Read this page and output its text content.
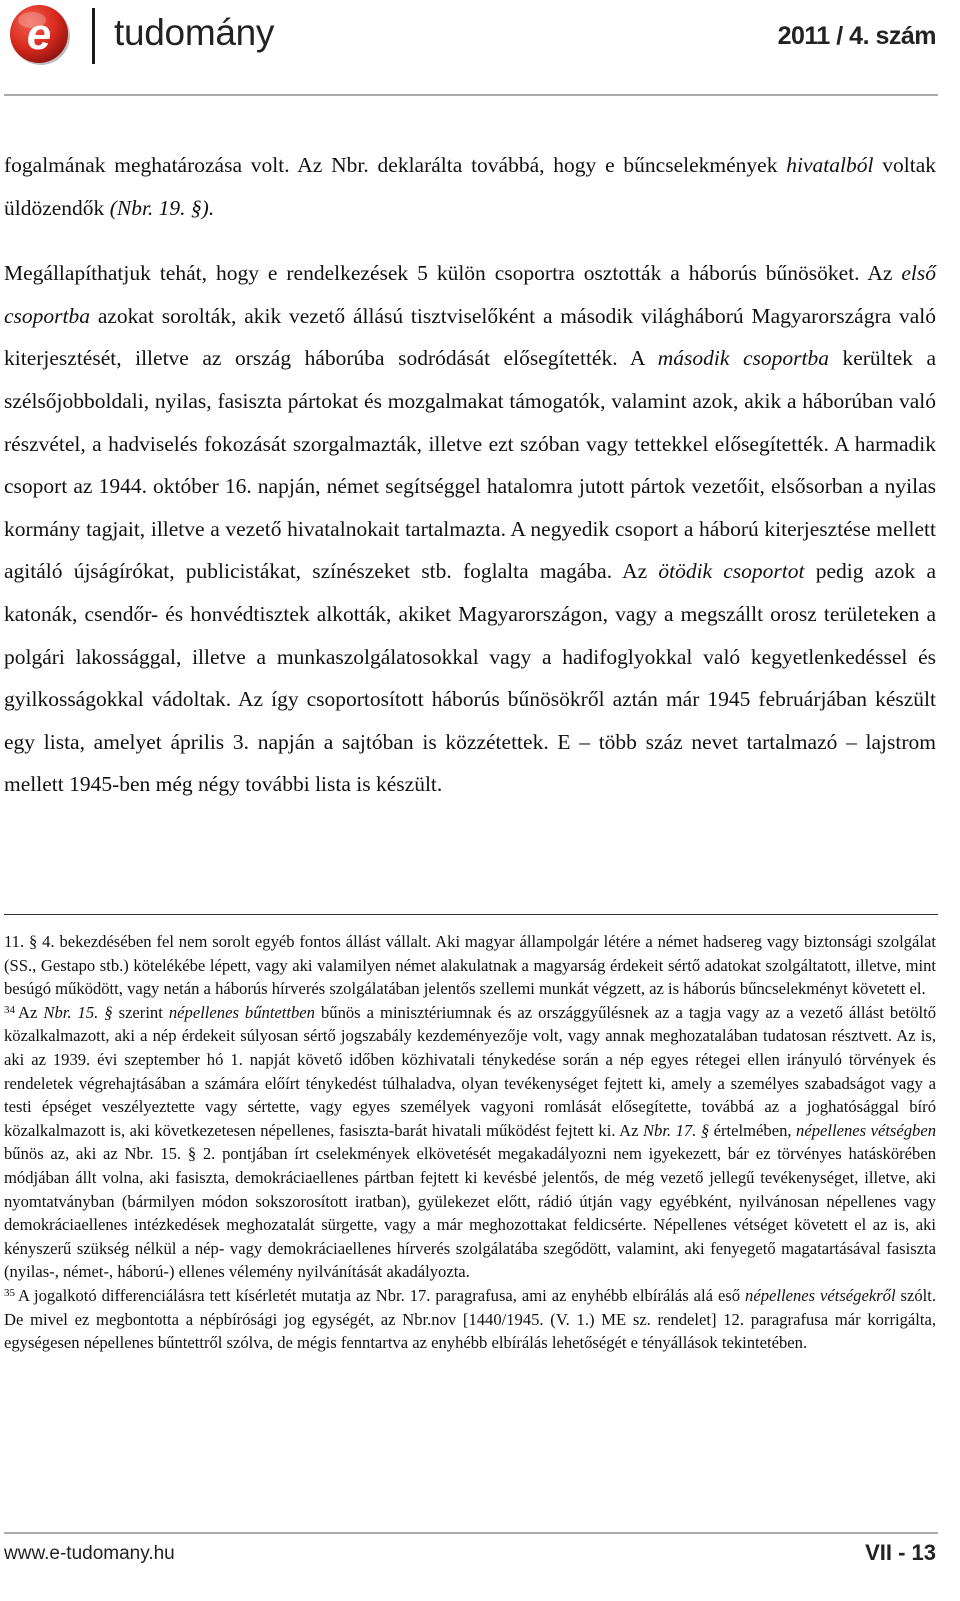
e tudomány	2011 / 4. szám

fogalmának meghatározása volt. Az Nbr. deklarálta továbbá, hogy e bűncselekmények hivatalból voltak üldözendők (Nbr. 19. §).

Megállapíthatjuk tehát, hogy e rendelkezések 5 külön csoportra osztották a háborús bűnösöket. Az első csoportba azokat sorolták, akik vezető állású tisztviselőként a második világháború Magyarországra való kiterjesztését, illetve az ország háborúba sodródását elősegítették. A második csoportba kerültek a szélsőjobboldali, nyilas, fasiszta pártokat és mozgalmakat támogatók, valamint azok, akik a háborúban való részvétel, a hadviselés fokozását szorgalmazták, illetve ezt szóban vagy tettekkel elősegítették. A harmadik csoport az 1944. október 16. napján, német segítséggel hatalomra jutott pártok vezetőit, elsősorban a nyilas kormány tagjait, illetve a vezető hivatalnokait tartalmazta. A negyedik csoport a háború kiterjesztése mellett agitáló újságírókat, publicistákat, színészeket stb. foglalta magába. Az ötödik csoportot pedig azok a katonák, csendőr- és honvédtisztek alkották, akiket Magyarországon, vagy a megszállt orosz területeken a polgári lakossággal, illetve a munkaszolgálatosokkal vagy a hadifoglyokkal való kegyetlenkedéssel és gyilkosságokkal vádoltak. Az így csoportosított háborús bűnösökről aztán már 1945 februárjában készült egy lista, amelyet április 3. napján a sajtóban is közzétettek. E – több száz nevet tartalmazó – lajstrom mellett 1945-ben még négy további lista is készült.

11. § 4. bekezdésében fel nem sorolt egyéb fontos állást vállalt. Aki magyar állampolgár létére a német hadsereg vagy biztonsági szolgálat (SS., Gestapo stb.) kötelékébe lépett, vagy aki valamilyen német alakulatnak a magyarság érdekeit sértő adatokat szolgáltatott, illetve, mint besúgó működött, vagy netán a háborús hírverés szolgálatában jelentős szellemi munkát végzett, az is háborús bűncselekményt követett el.

$^{34}$ Az Nbr. 15. § szerint népellenes bűntettben bűnös a minisztériumnak és az országgyűlésnek az a tagja vagy az a vezető állást betöltő közalkalmazott, aki a nép érdekeit súlyosan sértő jogszabály kezdeményezője volt, vagy annak meghozatalában tudatosan résztvett. Az is, aki az 1939. évi szeptember hó 1. napját követő időben közhivatali ténykedése során a nép egyes rétegei ellen irányuló törvények és rendeletek végrehajtásában a számára előírt ténykedést túlhaladva, olyan tevékenységet fejtett ki, amely a személyes szabadságot vagy a testi épséget veszélyeztette vagy sértette, vagy egyes személyek vagyoni romlását elősegítette, továbbá az a joghatósággal bíró közalkalmazott is, aki következetesen népellenes, fasiszta-barát hivatali működést fejtett ki. Az Nbr. 17. § értelmében, népellenes vétségben bűnös az, aki az Nbr. 15. § 2. pontjában írt cselekmények elkövetését megakadályozni nem igyekezett, bár ez törvényes hatáskörében módjában állt volna, aki fasiszta, demokráciaellenes pártban fejtett ki kevésbé jelentős, de még vezető jellegű tevékenységet, illetve, aki nyomtatványban (bármilyen módon sokszorosított iratban), gyülekezet előtt, rádió útján vagy egyébként, nyilvánosan népellenes vagy demokráciaellenes intézkedések meghozatalát sürgette, vagy a már meghozottakat feldicsérte. Népellenes vétséget követett el az is, aki kényszerű szükség nélkül a nép- vagy demokráciaellenes hírverés szolgálatába szegődött, valamint, aki fenyegető magatartásával fasiszta (nyilas-, német-, háború-) ellenes vélemény nyilvánítását akadályozta.

$^{35}$ A jogalkotó differenciálásra tett kísérletét mutatja az Nbr. 17. paragrafusa, ami az enyhébb elbírálás alá eső népellenes vétségekről szólt. De mivel ez megbontotta a népbírósági jog egységét, az Nbr.nov [1440/1945. (V. 1.) ME sz. rendelet] 12. paragrafusa már korrigálta, egységesen népellenes bűntettről szólva, de mégis fenntartva az enyhébb elbírálás lehetőségét e tényállások tekintetében.

www.e-tudomany.hu	VII - 13
